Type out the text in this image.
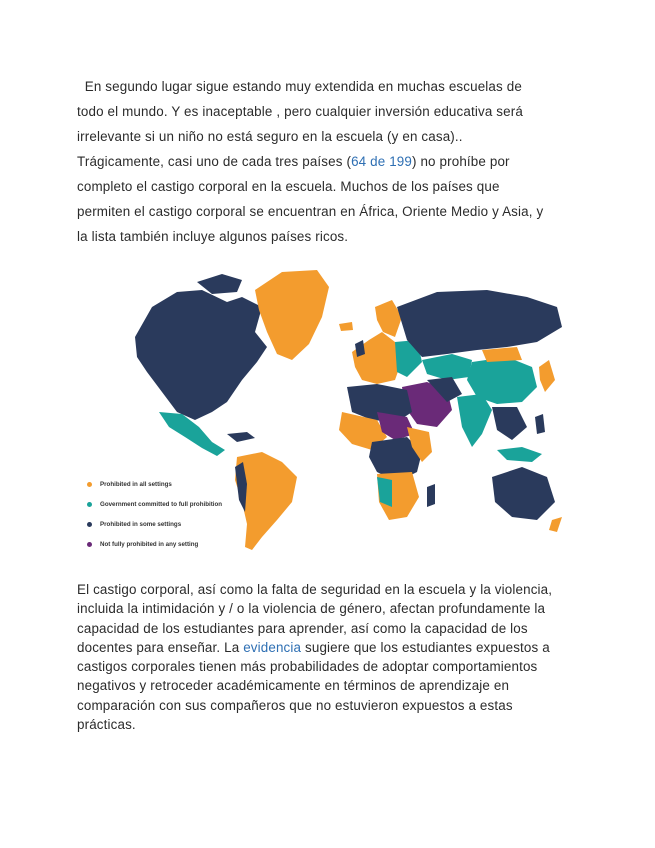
En segundo lugar sigue estando muy extendida en muchas escuelas de
todo el mundo. Y es inaceptable , pero cualquier inversión educativa será
irrelevante si un niño no está seguro en la escuela (y en casa)..
Trágicamente, casi uno de cada tres países (64 de 199) no prohíbe por
completo el castigo corporal en la escuela. Muchos de los países que
permiten el castigo corporal se encuentran en África, Oriente Medio y Asia, y
la lista también incluye algunos países ricos.
Prohibited in all settings
Government committed to full prohibition
Prohibited in some settings
Not fully prohibited in any setting
El castigo corporal, así como la falta de seguridad en la escuela y la violencia,
incluida la intimidación y / o la violencia de género, afectan profundamente la
capacidad de los estudiantes para aprender, así como la capacidad de los
docentes para enseñar. La evidencia sugiere que los estudiantes expuestos a
castigos corporales tienen más probabilidades de adoptar comportamientos
negativos y retroceder académicamente en términos de aprendizaje en
comparación con sus compañeros que no estuvieron expuestos a estas
prácticas.
